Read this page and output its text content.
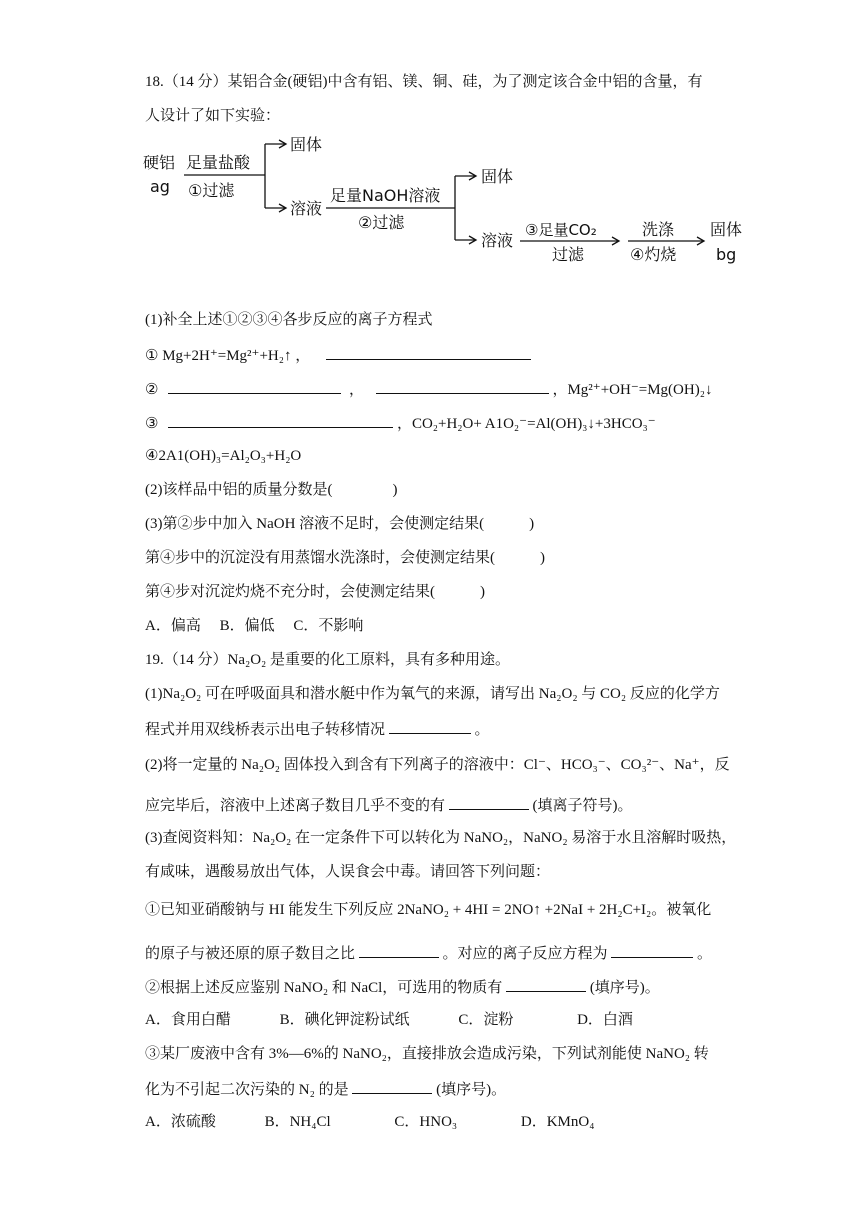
18.（14 分）某铝合金(硬铝)中含有铝、镁、铜、硅，为了测定该合金中铝的含量，有
人设计了如下实验：
硬铝
ag
足量盐酸
①过滤
固体
溶液
足量NaOH溶液
②过滤
固体
溶液
③足量CO₂
过滤
洗涤
④灼烧
固体
bg
(1)补全上述①②③④各步反应的离子方程式
① Mg+2H⁺=Mg²⁺+H₂↑ ，
②	，	，Mg²⁺+OH⁻=Mg(OH)₂↓
③	，CO₂+H₂O+ A1O₂⁻=Al(OH)₃↓+3HCO₃⁻
④2A1(OH)₃=Al₂O₃+H₂O
(2)该样品中铝的质量分数是(　　　　)
(3)第②步中加入 NaOH 溶液不足时，会使测定结果(　　　)
第④步中的沉淀没有用蒸馏水洗涤时，会使测定结果(　　　)
第④步对沉淀灼烧不充分时，会使测定结果(　　　)
A．偏高　 B．偏低　 C．不影响
19.（14 分）Na₂O₂ 是重要的化工原料，具有多种用途。
(1)Na₂O₂ 可在呼吸面具和潜水艇中作为氧气的来源，请写出 Na₂O₂ 与 CO₂ 反应的化学方
程式并用双线桥表示出电子转移情况	。
(2)将一定量的 Na₂O₂ 固体投入到含有下列离子的溶液中：Cl⁻、HCO₃⁻、CO₃²⁻、Na⁺，反
应完毕后，溶液中上述离子数目几乎不变的有	(填离子符号)。
(3)查阅资料知：Na₂O₂ 在一定条件下可以转化为 NaNO₂，NaNO₂ 易溶于水且溶解时吸热，
有咸味，遇酸易放出气体，人误食会中毒。请回答下列问题：
①已知亚硝酸钠与 HI 能发生下列反应 2NaNO₂ + 4HI = 2NO↑ +2NaI + 2H₂C+I₂。被氧化
的原子与被还原的原子数目之比	。对应的离子反应方程为	。
②根据上述反应鉴别 NaNO₂ 和 NaCl，可选用的物质有	(填序号)。
A．食用白醋　　　 B．碘化钾淀粉试纸　　　 C．淀粉　　　　 D．白酒
③某厂废液中含有 3%—6%的 NaNO₂，直接排放会造成污染，下列试剂能使 NaNO₂ 转
化为不引起二次污染的 N₂ 的是	(填序号)。
A．浓硫酸　　　 B．NH₄Cl　　　　 C．HNO₃　　　　 D．KMnO₄
